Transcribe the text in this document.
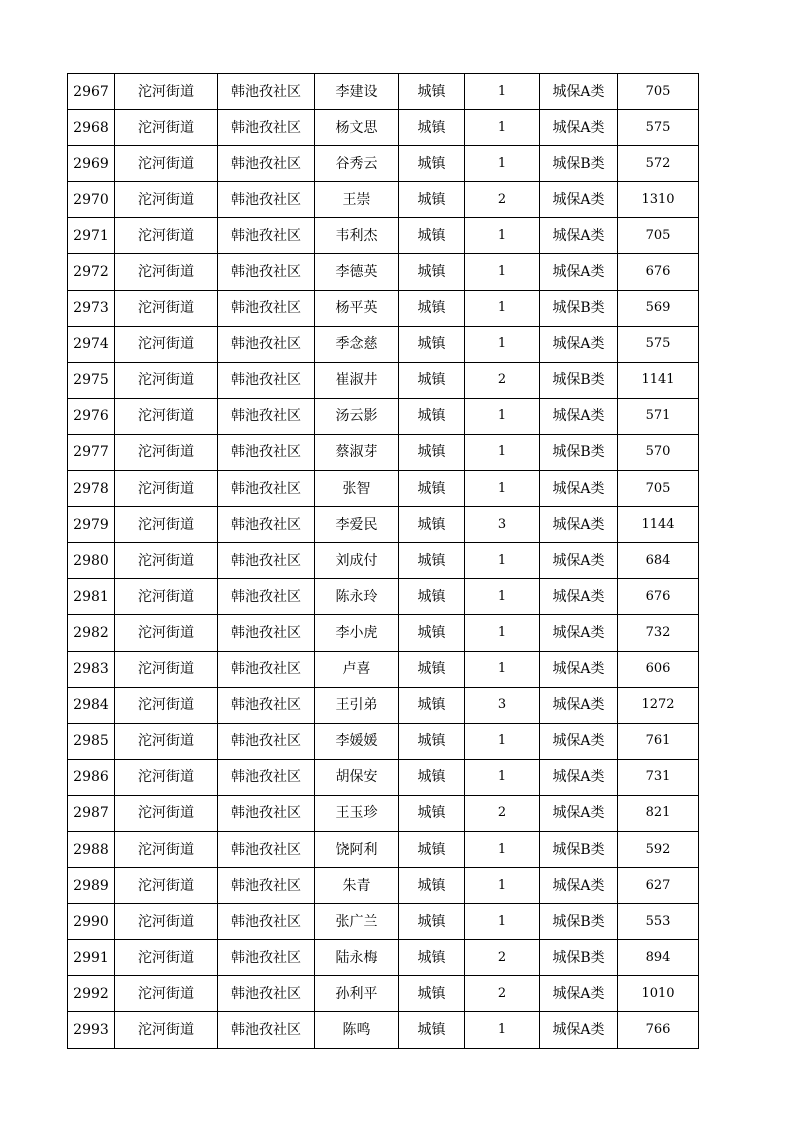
2967	沱河街道	韩池孜社区	李建设	城镇	1	城保A类	705
2968	沱河街道	韩池孜社区	杨文思	城镇	1	城保A类	575
2969	沱河街道	韩池孜社区	谷秀云	城镇	1	城保B类	572
2970	沱河街道	韩池孜社区	王崇	城镇	2	城保A类	1310
2971	沱河街道	韩池孜社区	韦利杰	城镇	1	城保A类	705
2972	沱河街道	韩池孜社区	李德英	城镇	1	城保A类	676
2973	沱河街道	韩池孜社区	杨平英	城镇	1	城保B类	569
2974	沱河街道	韩池孜社区	季念慈	城镇	1	城保A类	575
2975	沱河街道	韩池孜社区	崔淑井	城镇	2	城保B类	1141
2976	沱河街道	韩池孜社区	汤云影	城镇	1	城保A类	571
2977	沱河街道	韩池孜社区	蔡淑芽	城镇	1	城保B类	570
2978	沱河街道	韩池孜社区	张智	城镇	1	城保A类	705
2979	沱河街道	韩池孜社区	李爱民	城镇	3	城保A类	1144
2980	沱河街道	韩池孜社区	刘成付	城镇	1	城保A类	684
2981	沱河街道	韩池孜社区	陈永玲	城镇	1	城保A类	676
2982	沱河街道	韩池孜社区	李小虎	城镇	1	城保A类	732
2983	沱河街道	韩池孜社区	卢喜	城镇	1	城保A类	606
2984	沱河街道	韩池孜社区	王引弟	城镇	3	城保A类	1272
2985	沱河街道	韩池孜社区	李媛媛	城镇	1	城保A类	761
2986	沱河街道	韩池孜社区	胡保安	城镇	1	城保A类	731
2987	沱河街道	韩池孜社区	王玉珍	城镇	2	城保A类	821
2988	沱河街道	韩池孜社区	饶阿利	城镇	1	城保B类	592
2989	沱河街道	韩池孜社区	朱青	城镇	1	城保A类	627
2990	沱河街道	韩池孜社区	张广兰	城镇	1	城保B类	553
2991	沱河街道	韩池孜社区	陆永梅	城镇	2	城保B类	894
2992	沱河街道	韩池孜社区	孙利平	城镇	2	城保A类	1010
2993	沱河街道	韩池孜社区	陈鸣	城镇	1	城保A类	766
